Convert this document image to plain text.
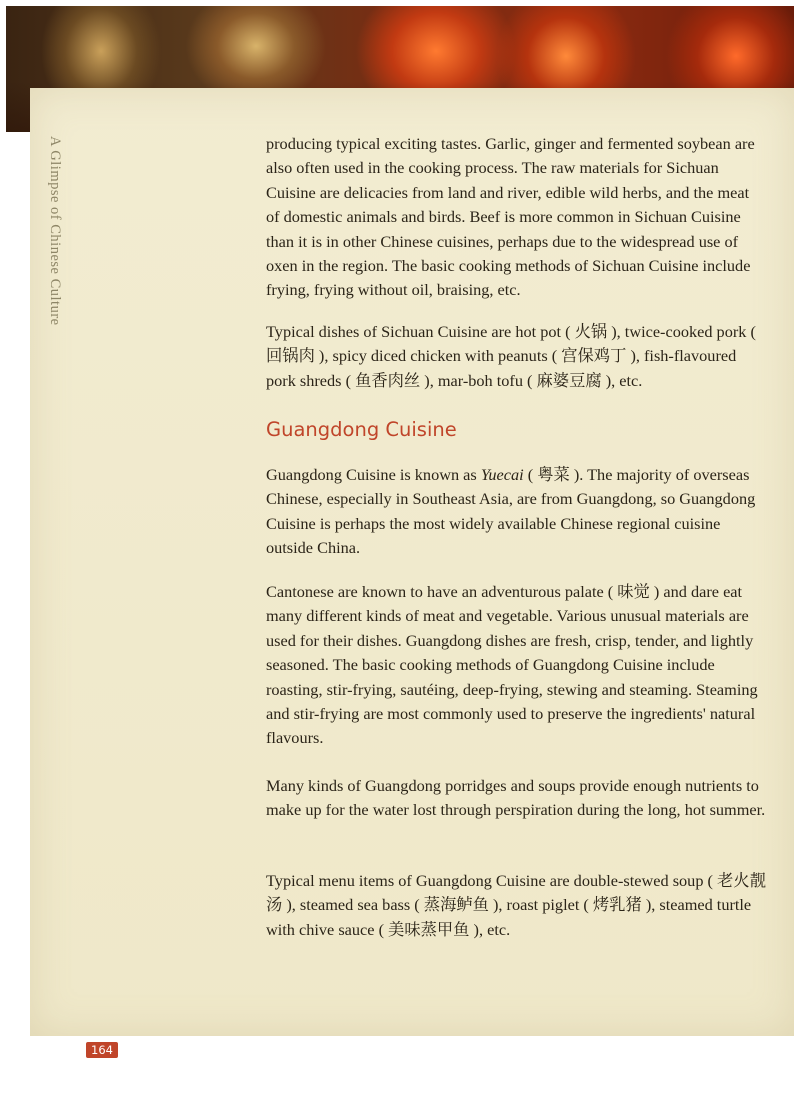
A Glimpse of Chinese Culture	producing typical exciting tastes. Garlic, ginger and fermented soybean are also often used in the cooking process. The raw materials for Sichuan Cuisine are delicacies from land and river, edible wild herbs, and the meat of domestic animals and birds. Beef is more common in Sichuan Cuisine than it is in other Chinese cuisines, perhaps due to the widespread use of oxen in the region. The basic cooking methods of Sichuan Cuisine include frying, frying without oil, braising, etc.

Typical dishes of Sichuan Cuisine are hot pot ( 火锅 ), twice-cooked pork ( 回锅肉 ), spicy diced chicken with peanuts ( 宫保鸡丁 ), fish-flavoured pork shreds ( 鱼香肉丝 ), mar-boh tofu ( 麻婆豆腐 ), etc.

Guangdong Cuisine

Guangdong Cuisine is known as Yuecai ( 粤菜 ). The majority of overseas Chinese, especially in Southeast Asia, are from Guangdong, so Guangdong Cuisine is perhaps the most widely available Chinese regional cuisine outside China.

Cantonese are known to have an adventurous palate ( 味觉 ) and dare eat many different kinds of meat and vegetable. Various unusual materials are used for their dishes. Guangdong dishes are fresh, crisp, tender, and lightly seasoned. The basic cooking methods of Guangdong Cuisine include roasting, stir-frying, sautéing, deep-frying, stewing and steaming. Steaming and stir-frying are most commonly used to preserve the ingredients' natural flavours.

Many kinds of Guangdong porridges and soups provide enough nutrients to make up for the water lost through perspiration during the long, hot summer.

Typical menu items of Guangdong Cuisine are double-stewed soup ( 老火靓汤 ), steamed sea bass ( 蒸海鲈鱼 ), roast piglet ( 烤乳猪 ), steamed turtle with chive sauce ( 美味蒸甲鱼 ), etc.

164
